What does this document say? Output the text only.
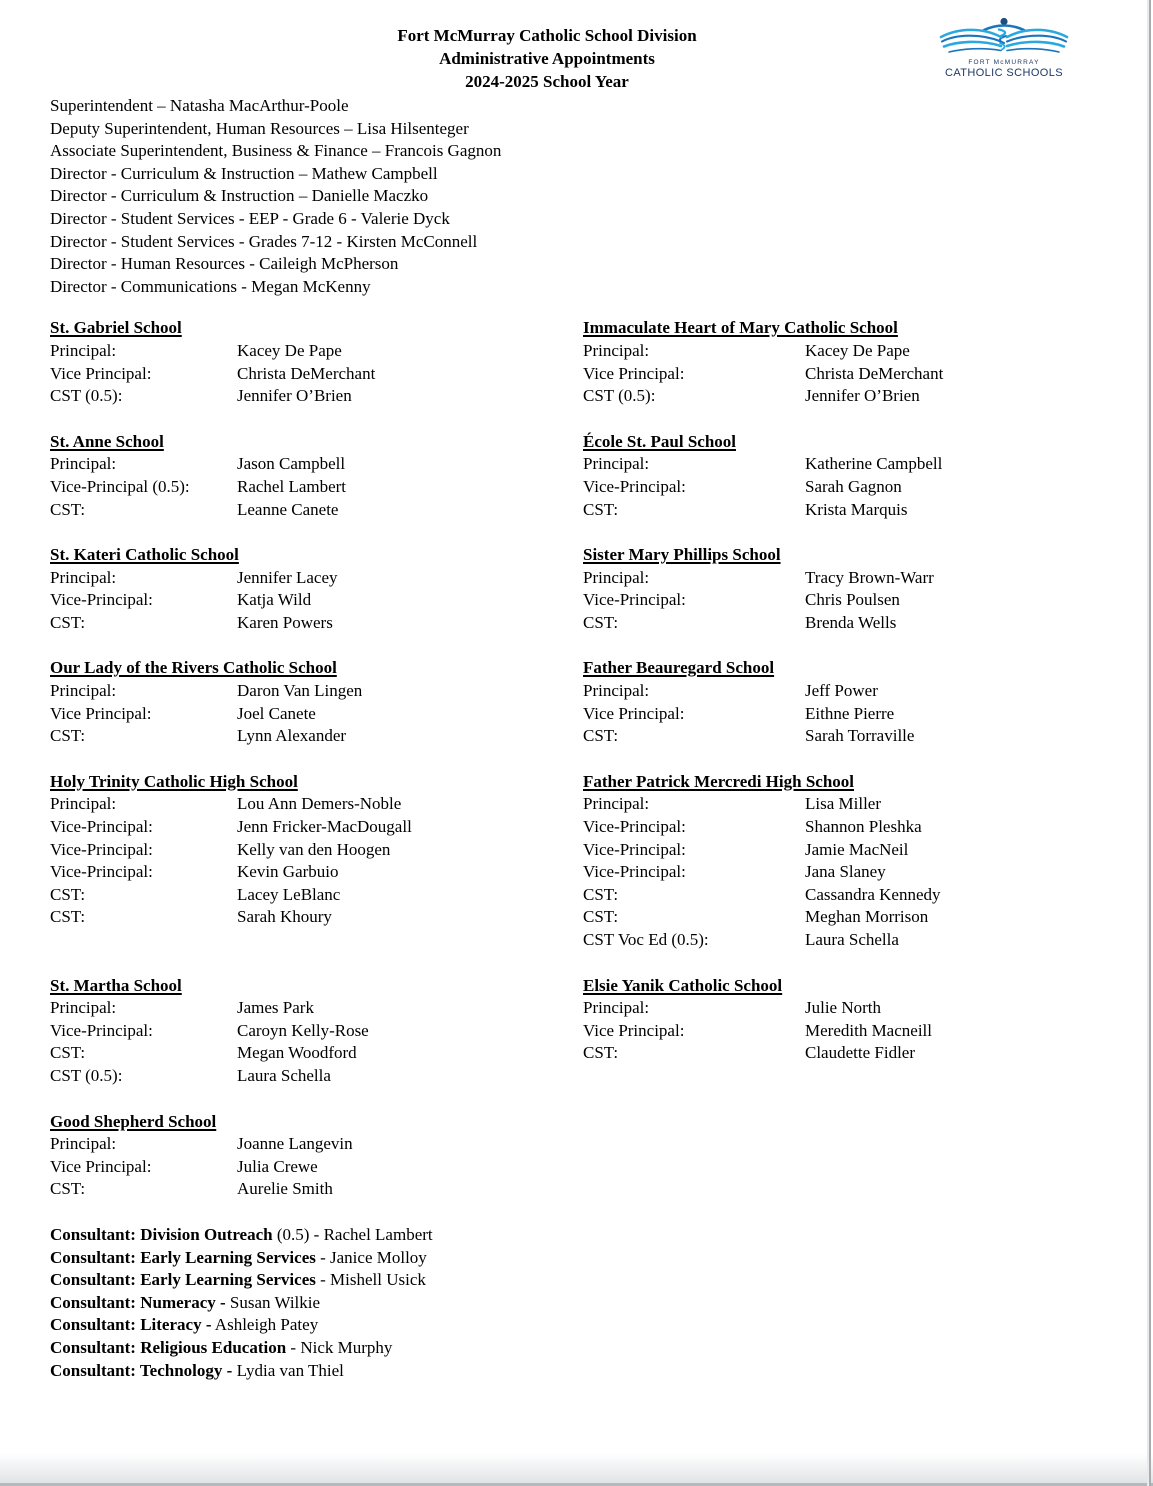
Fort McMurray Catholic School Division
Administrative Appointments
2024-2025 School Year
FORT McMURRAY
CATHOLIC SCHOOLS
Superintendent – Natasha MacArthur-Poole
Deputy Superintendent, Human Resources – Lisa Hilsenteger
Associate Superintendent, Business & Finance – Francois Gagnon
Director - Curriculum & Instruction – Mathew Campbell
Director - Curriculum & Instruction – Danielle Maczko
Director - Student Services - EEP - Grade 6 - Valerie Dyck
Director - Student Services - Grades 7-12 - Kirsten McConnell
Director - Human Resources - Caileigh McPherson
Director - Communications - Megan McKenny
St. Gabriel School
Principal:	Kacey De Pape
Vice Principal:	Christa DeMerchant
CST (0.5):	Jennifer O’Brien
Immaculate Heart of Mary Catholic School
Principal:	Kacey De Pape
Vice Principal:	Christa DeMerchant
CST (0.5):	Jennifer O’Brien
St. Anne School
Principal:	Jason Campbell
Vice-Principal (0.5):	Rachel Lambert
CST:	Leanne Canete
École St. Paul School
Principal:	Katherine Campbell
Vice-Principal:	Sarah Gagnon
CST:	Krista Marquis
St. Kateri Catholic School
Principal:	Jennifer Lacey
Vice-Principal:	Katja Wild
CST:	Karen Powers
Sister Mary Phillips School
Principal:	Tracy Brown-Warr
Vice-Principal:	Chris Poulsen
CST:	Brenda Wells
Our Lady of the Rivers Catholic School
Principal:	Daron Van Lingen
Vice Principal:	Joel Canete
CST:	Lynn Alexander
Father Beauregard School
Principal:	Jeff Power
Vice Principal:	Eithne Pierre
CST:	Sarah Torraville
Holy Trinity Catholic High School
Principal:	Lou Ann Demers-Noble
Vice-Principal:	Jenn Fricker-MacDougall
Vice-Principal:	Kelly van den Hoogen
Vice-Principal:	Kevin Garbuio
CST:	Lacey LeBlanc
CST:	Sarah Khoury
Father Patrick Mercredi High School
Principal:	Lisa Miller
Vice-Principal:	Shannon Pleshka
Vice-Principal:	Jamie MacNeil
Vice-Principal:	Jana Slaney
CST:	Cassandra Kennedy
CST:	Meghan Morrison
CST Voc Ed (0.5):	Laura Schella
St. Martha School
Principal:	James Park
Vice-Principal:	Caroyn Kelly-Rose
CST:	Megan Woodford
CST (0.5):	Laura Schella
Elsie Yanik Catholic School
Principal:	Julie North
Vice Principal:	Meredith Macneill
CST:	Claudette Fidler
Good Shepherd School
Principal:	Joanne Langevin
Vice Principal:	Julia Crewe
CST:	Aurelie Smith
Consultant: Division Outreach (0.5) - Rachel Lambert
Consultant: Early Learning Services - Janice Molloy
Consultant: Early Learning Services - Mishell Usick
Consultant: Numeracy - Susan Wilkie
Consultant: Literacy - Ashleigh Patey
Consultant: Religious Education - Nick Murphy
Consultant: Technology - Lydia van Thiel
